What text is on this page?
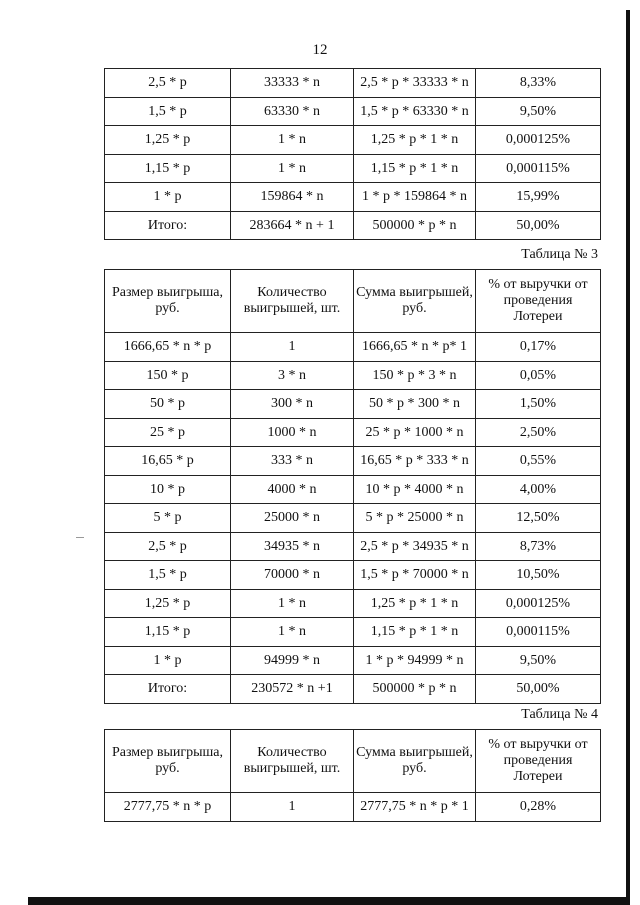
12
2,5 * p	33333 * n	2,5 * p * 33333 * n	8,33%
1,5 * p	63330 * n	1,5 * p * 63330 * n	9,50%
1,25 * p	1 * n	1,25 * p * 1 * n	0,000125%
1,15 * p	1 * n	1,15 * p * 1 * n	0,000115%
1 * p	159864 * n	1 * p * 159864 * n	15,99%
Итого:	283664 * n + 1	500000 * p * n	50,00%
Таблица № 3
Размер выигрыша, руб.	Количество выигрышей, шт.	Сумма выигрышей, руб.	% от выручки от проведения Лотереи
1666,65 * n * p	1	1666,65 * n * p* 1	0,17%
150 * p	3 * n	150 * p * 3 * n	0,05%
50 * p	300 * n	50 * p * 300 * n	1,50%
25 * p	1000 * n	25 * p * 1000 * n	2,50%
16,65 * p	333 * n	16,65 * p * 333 * n	0,55%
10 * p	4000 * n	10 * p * 4000 * n	4,00%
5 * p	25000 * n	5 * p * 25000 * n	12,50%
2,5 * p	34935 * n	2,5 * p * 34935 * n	8,73%
1,5 * p	70000 * n	1,5 * p * 70000 * n	10,50%
1,25 * p	1 * n	1,25 * p * 1 * n	0,000125%
1,15 * p	1 * n	1,15 * p * 1 * n	0,000115%
1 * p	94999 * n	1 * p * 94999 * n	9,50%
Итого:	230572 * n +1	500000 * p * n	50,00%
Таблица № 4
Размер выигрыша, руб.	Количество выигрышей, шт.	Сумма выигрышей, руб.	% от выручки от проведения Лотереи
2777,75 * n * p	1	2777,75 * n * p * 1	0,28%
